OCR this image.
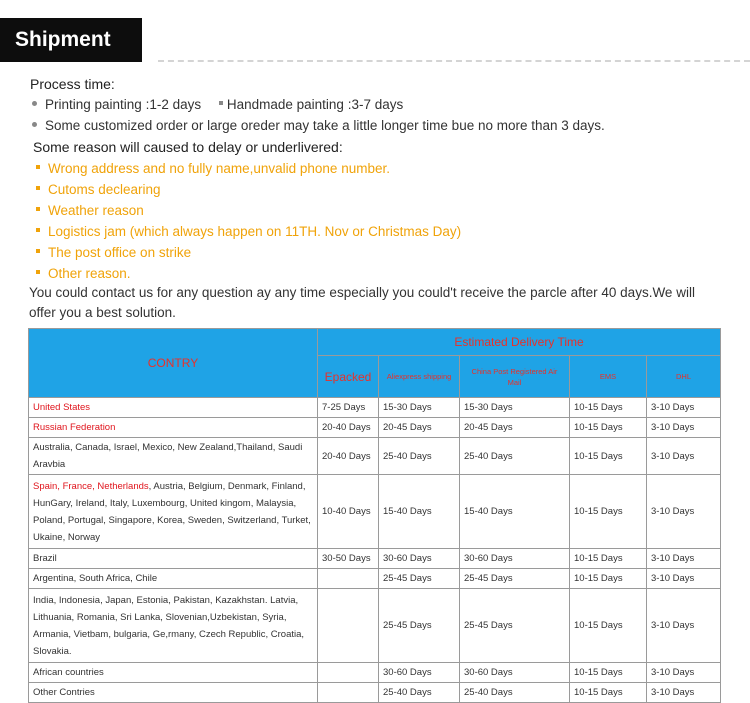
Shipment
Process time:
Printing painting :1-2 days Handmade painting :3-7 days
Some customized order or large oreder may take a little longer time bue no more than 3 days.
Some reason will caused to delay or underlivered:
Wrong address and no fully name,unvalid phone number.
Cutoms declearing
Weather reason
Logistics jam (which always happen on 11TH. Nov or Christmas Day)
The post office on strike
Other reason.
You could contact us for any question ay any time especially you could't receive the parcle after 40 days.We will offer you a best solution.
CONTRY	Estimated Delivery Time				
	Epacked	Aliexpress shipping	China Post Registered Air Mail	EMS	DHL
United States	7-25 Days	15-30 Days	15-30 Days	10-15 Days	3-10 Days
Russian Federation	20-40 Days	20-45 Days	20-45 Days	10-15 Days	3-10 Days
Australia, Canada, Israel, Mexico, New Zealand,Thailand, Saudi Aravbia	20-40 Days	25-40 Days	25-40 Days	10-15 Days	3-10 Days
Spain, France, Netherlands, Austria, Belgium, Denmark, Finland, HunGary, Ireland, Italy, Luxembourg, United kingom, Malaysia, Poland, Portugal, Singapore, Korea, Sweden, Switzerland, Turket, Ukaine, Norway	10-40 Days	15-40 Days	15-40 Days	10-15 Days	3-10 Days
Brazil	30-50 Days	30-60 Days	30-60 Days	10-15 Days	3-10 Days
Argentina, South Africa, Chile		25-45 Days	25-45 Days	10-15 Days	3-10 Days
India, Indonesia, Japan, Estonia, Pakistan, Kazakhstan. Latvia, Lithuania, Romania, Sri Lanka, Slovenian,Uzbekistan, Syria, Armania, Vietbam, bulgaria, Ge,rmany, Czech Republic, Croatia, Slovakia.		25-45 Days	25-45 Days	10-15 Days	3-10 Days
African countries		30-60 Days	30-60 Days	10-15 Days	3-10 Days
Other Contries		25-40 Days	25-40 Days	10-15 Days	3-10 Days
